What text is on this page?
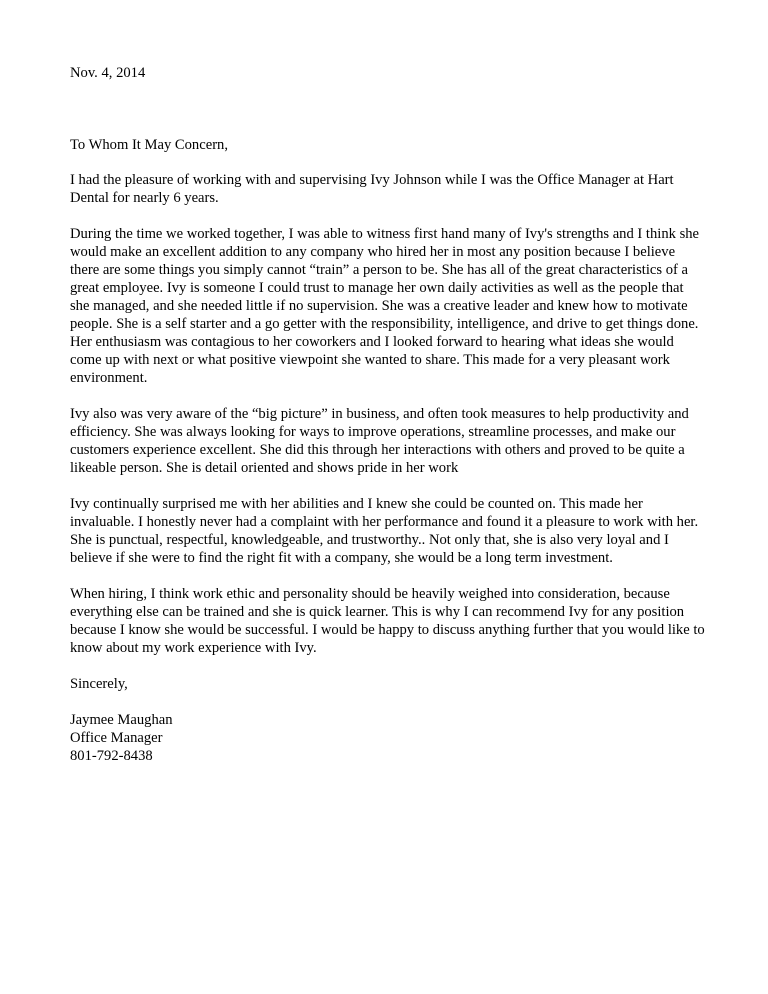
Nov. 4, 2014

To Whom It May Concern,

I had the pleasure of working with and supervising Ivy Johnson while I was the Office Manager at Hart Dental for nearly 6 years.

During the time we worked together, I was able to witness first hand many of Ivy's strengths and I think she would make an excellent addition to any company who hired her in most any position because I believe there are some things you simply cannot “train” a person to be. She has all of the great characteristics of a great employee. Ivy is someone I could trust to manage her own daily activities as well as the people that she managed, and she needed little if no supervision. She was a creative leader and knew how to motivate people. She is a self starter and a go getter with the responsibility, intelligence, and drive to get things done. Her enthusiasm was contagious to her coworkers and I looked forward to hearing what ideas she would come up with next or what positive viewpoint she wanted to share. This made for a very pleasant work environment.

Ivy also was very aware of the “big picture” in business, and often took measures to help productivity and efficiency. She was always looking for ways to improve operations, streamline processes, and make our customers experience excellent. She did this through her interactions with others and proved to be quite a likeable person. She is detail oriented and shows pride in her work

Ivy continually surprised me with her abilities and I knew she could be counted on. This made her invaluable. I honestly never had a complaint with her performance and found it a pleasure to work with her. She is punctual, respectful, knowledgeable, and trustworthy.. Not only that, she is also very loyal and I believe if she were to find the right fit with a company, she would be a long term investment.

When hiring, I think work ethic and personality should be heavily weighed into consideration, because everything else can be trained and she is quick learner. This is why I can recommend Ivy for any position because I know she would be successful. I would be happy to discuss anything further that you would like to know about my work experience with Ivy.

Sincerely,

Jaymee Maughan
Office Manager
801-792-8438
